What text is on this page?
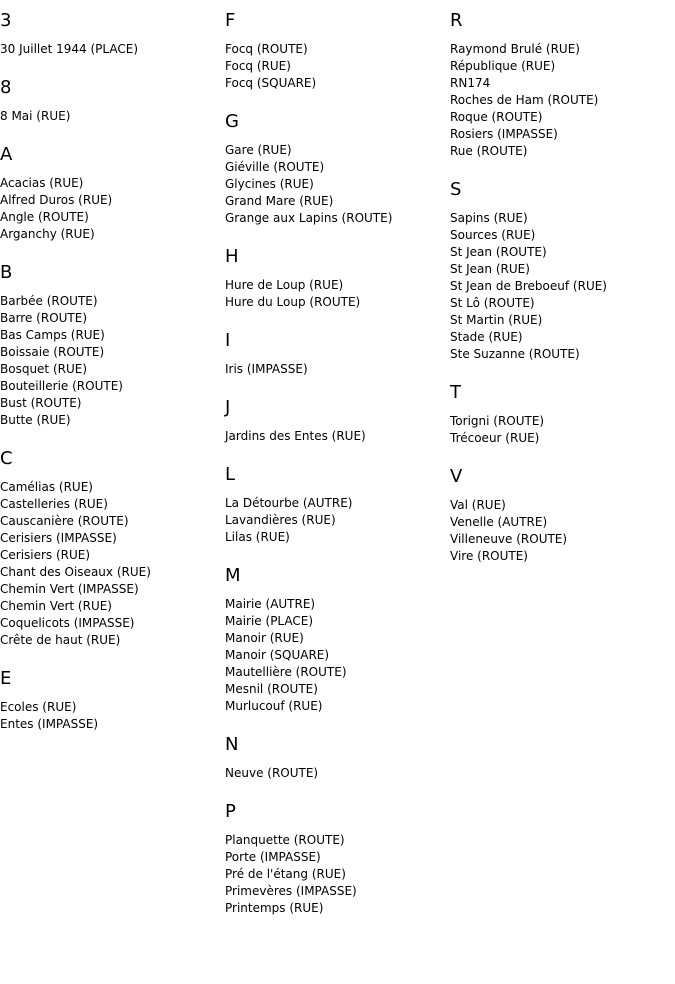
3
30 Juillet 1944 (PLACE)
8
8 Mai (RUE)
A
Acacias (RUE)
Alfred Duros (RUE)
Angle (ROUTE)
Arganchy (RUE)
B
Barbée (ROUTE)
Barre (ROUTE)
Bas Camps (RUE)
Boissaie (ROUTE)
Bosquet (RUE)
Bouteillerie (ROUTE)
Bust (ROUTE)
Butte (RUE)
C
Camélias (RUE)
Castelleries (RUE)
Causcanière (ROUTE)
Cerisiers (IMPASSE)
Cerisiers (RUE)
Chant des Oiseaux (RUE)
Chemin Vert (IMPASSE)
Chemin Vert (RUE)
Coquelicots (IMPASSE)
Crête de haut (RUE)
E
Ecoles (RUE)
Entes (IMPASSE)
F
Focq (ROUTE)
Focq (RUE)
Focq (SQUARE)
G
Gare (RUE)
Giéville (ROUTE)
Glycines (RUE)
Grand Mare (RUE)
Grange aux Lapins (ROUTE)
H
Hure de Loup (RUE)
Hure du Loup (ROUTE)
I
Iris (IMPASSE)
J
Jardins des Entes (RUE)
L
La Détourbe (AUTRE)
Lavandières (RUE)
Lilas (RUE)
M
Mairie (AUTRE)
Mairie (PLACE)
Manoir (RUE)
Manoir (SQUARE)
Mautellière (ROUTE)
Mesnil (ROUTE)
Murlucouf (RUE)
N
Neuve (ROUTE)
P
Planquette (ROUTE)
Porte (IMPASSE)
Pré de l'étang (RUE)
Primevères (IMPASSE)
Printemps (RUE)
R
Raymond Brulé (RUE)
République (RUE)
RN174
Roches de Ham (ROUTE)
Roque (ROUTE)
Rosiers (IMPASSE)
Rue (ROUTE)
S
Sapins (RUE)
Sources (RUE)
St Jean (ROUTE)
St Jean (RUE)
St Jean de Breboeuf (RUE)
St Lô (ROUTE)
St Martin (RUE)
Stade (RUE)
Ste Suzanne (ROUTE)
T
Torigni (ROUTE)
Trécoeur (RUE)
V
Val (RUE)
Venelle (AUTRE)
Villeneuve (ROUTE)
Vire (ROUTE)
